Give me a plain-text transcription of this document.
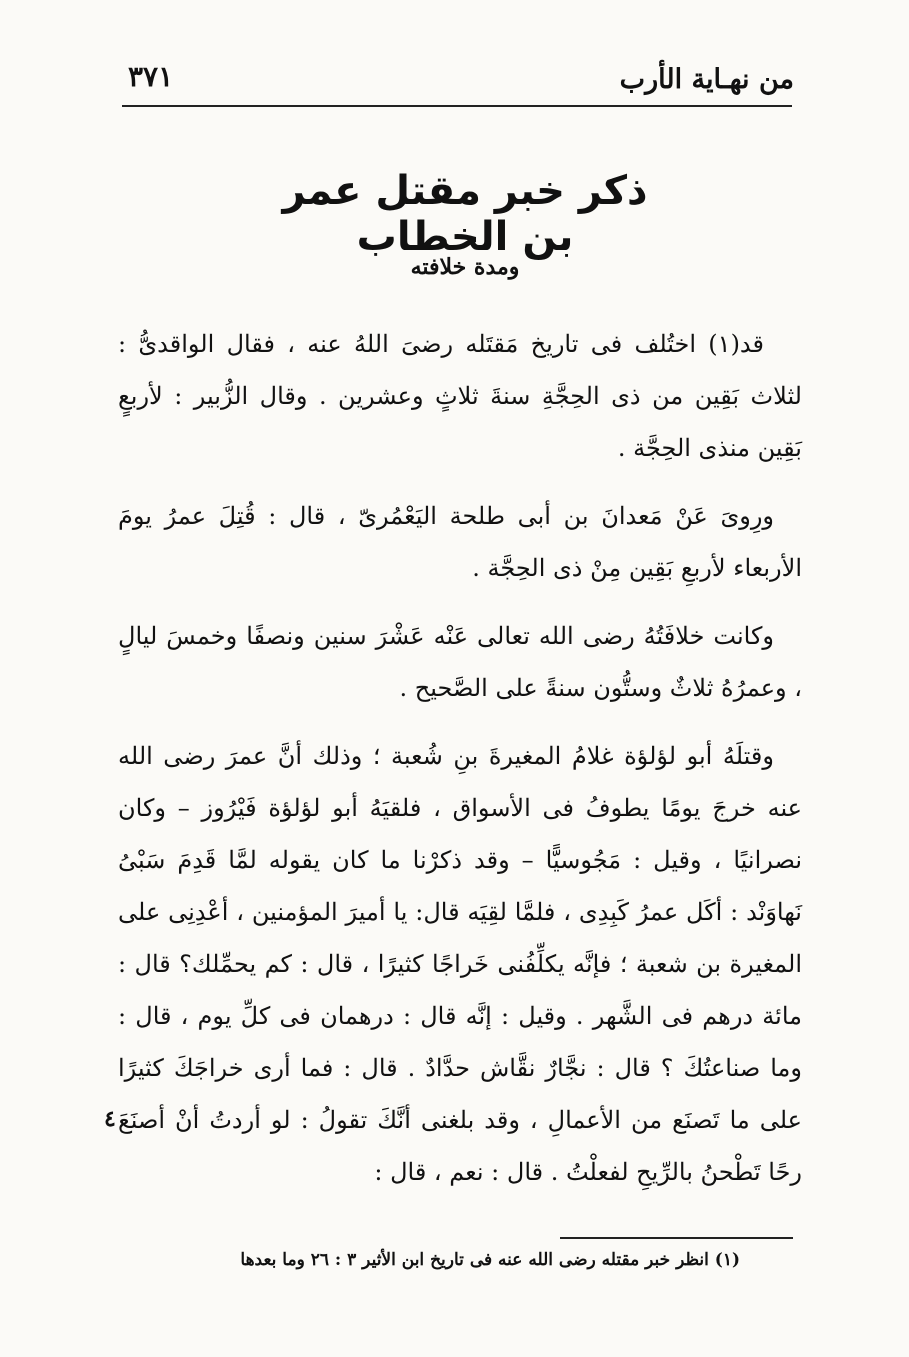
من نهـاية الأرب
٣٧١
ذكر خبر مقتل عمر بن الخطاب
ومدة خلافته

قد(١) اختُلف فى تاريخ مَقتَله رضىَ اللهُ عنه ، فقال الواقدىُّ : لثلاث بَقِين من ذى الحِجَّةِ سنةَ ثلاثٍ وعشرين . وقال الزُّبير : لأربعٍ بَقِين منذى الحِجَّة .

ورِوىَ عَنْ مَعدانَ بن أبى طلحة اليَعْمُرىّ ، قال : قُتِلَ عمرُ يومَ الأربعاء لأربعِ بَقِين مِنْ ذى الحِجَّة .

وكانت خلافَتُهُ رضى الله تعالى عَنْه عَشْرَ سنين ونصفًا وخمسَ ليالٍ ، وعمرُهُ ثلاثٌ وستُّون سنةً على الصَّحيح .

وقتلَهُ أبو لؤلؤة غلامُ المغيرةَ بنِ شُعبة ؛ وذلك أنَّ عمرَ رضى الله عنه خرجَ يومًا يطوفُ فى الأسواق ، فلقيَهُ أبو لؤلؤة فَيْرُوز – وكان نصرانيًا ، وقيل : مَجُوسيًّا – وقد ذكرْنا ما كان يقوله لمَّا قَدِمَ سَبْىُ نَهاوَنْد : أكَل عمرُ كَبِدِى ، فلمَّا لقِيَه قال: يا أميرَ المؤمنين ، أعْدِنِى على المغيرة بن شعبة ؛ فإنَّه يكلِّفُنى خَراجًا كثيرًا ، قال : كم يحمِّلك؟ قال : مائة درهم فى الشَّهر . وقيل : إنَّه قال : درهمان فى كلِّ يوم ، قال : وما صناعتُكَ ؟ قال : نجَّارٌ نقَّاش حدَّادٌ . قال : فما أرى خراجَكَ كثيرًا على ما تَصنَع من الأعمالِ ، وقد بلغنى أنَّكَ تقولُ : لو أردتُ أنْ أصنَعَ رحًا تَطْحنُ بالرِّيحِ لفعلْتُ . قال : نعم ، قال :

٤
(١) انظر خبر مقتله رضى الله عنه فى تاريخ ابن الأثير ٣ : ٢٦ وما بعدها
